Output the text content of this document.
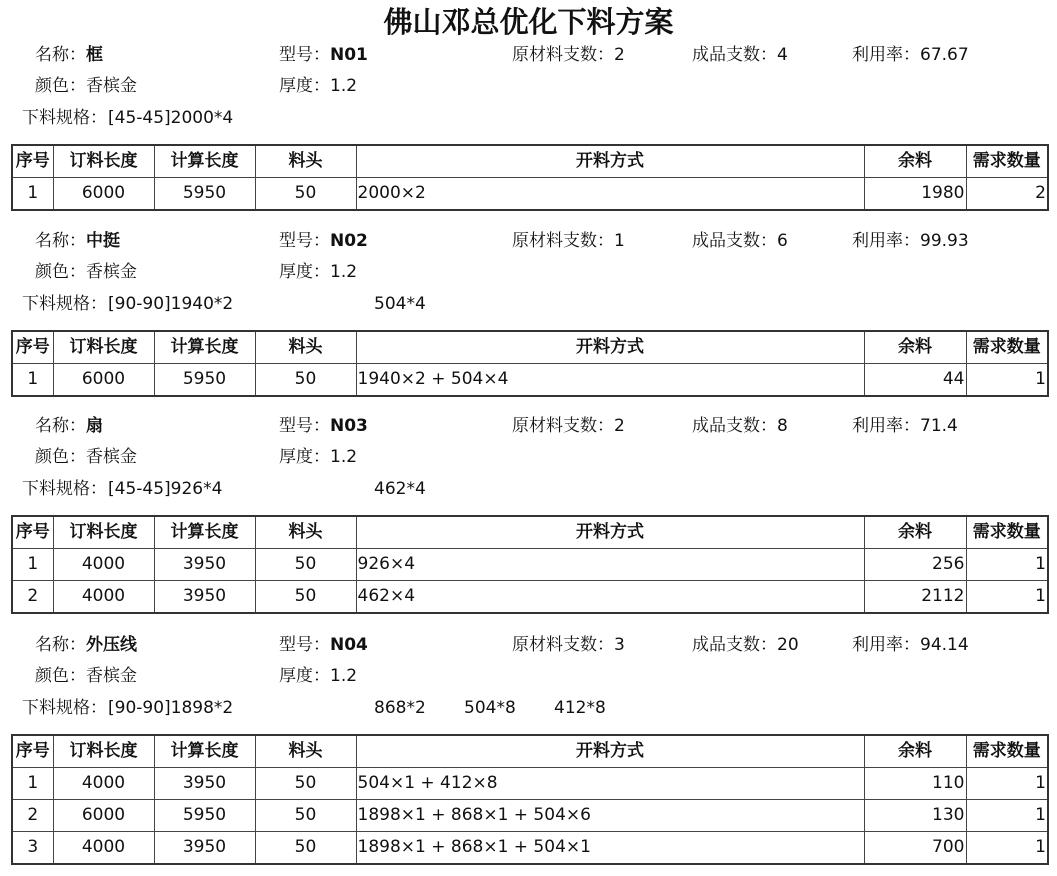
佛山邓总优化下料方案
名称：框	型号：N01	原材料支数：2	成品支数：4	利用率：67.67
颜色：香槟金	厚度：1.2
下料规格： [45-45]2000*4
序号	订料长度	计算长度	料头	开料方式	余料	需求数量
1	6000	5950	50	2000×2	1980	2
名称：中挺	型号：N02	原材料支数：1	成品支数：6	利用率：99.93
颜色：香槟金	厚度：1.2
下料规格： [90-90]1940*2	504*4
序号	订料长度	计算长度	料头	开料方式	余料	需求数量
1	6000	5950	50	1940×2 + 504×4	44	1
名称：扇	型号：N03	原材料支数：2	成品支数：8	利用率：71.4
颜色：香槟金	厚度：1.2
下料规格： [45-45]926*4	462*4
序号	订料长度	计算长度	料头	开料方式	余料	需求数量
1	4000	3950	50	926×4	256	1
2	4000	3950	50	462×4	2112	1
名称：外压线	型号：N04	原材料支数：3	成品支数：20	利用率：94.14
颜色：香槟金	厚度：1.2
下料规格： [90-90]1898*2	868*2 504*8 412*8
序号	订料长度	计算长度	料头	开料方式	余料	需求数量
1	4000	3950	50	504×1 + 412×8	110	1
2	6000	5950	50	1898×1 + 868×1 + 504×6	130	1
3	4000	3950	50	1898×1 + 868×1 + 504×1	700	1
